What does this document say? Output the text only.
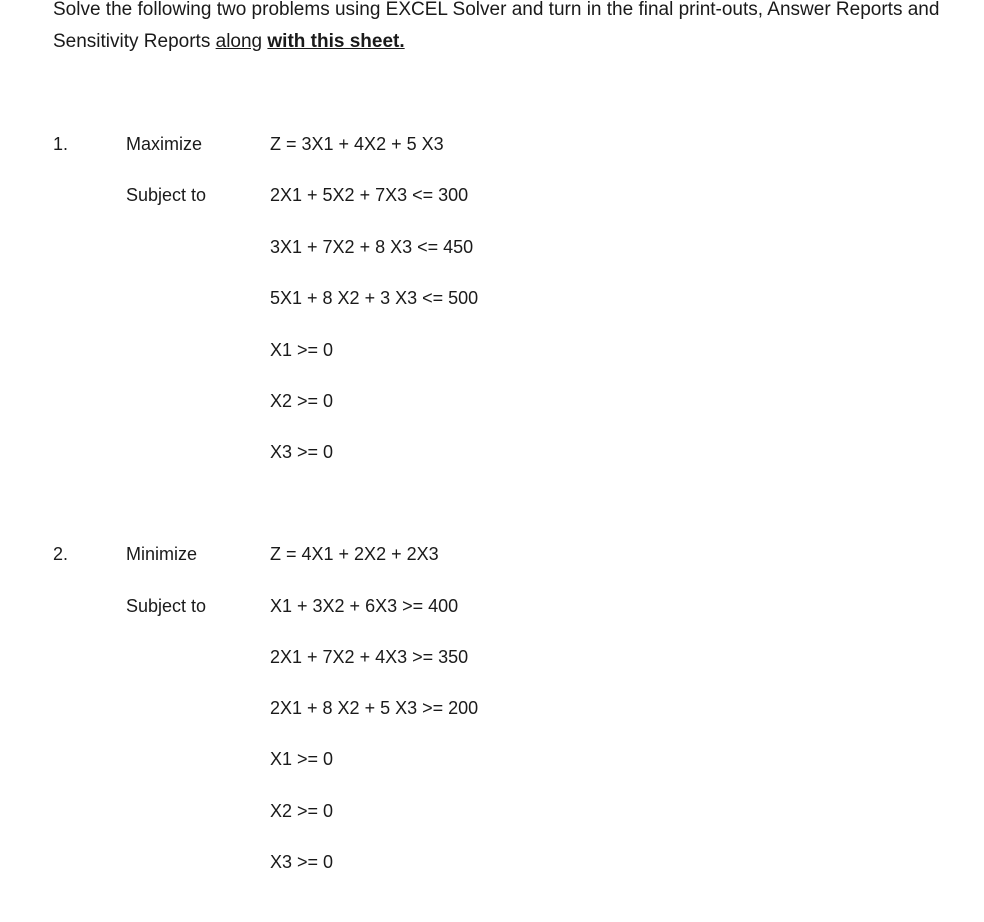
Solve the following two problems using EXCEL Solver and turn in the final print-outs, Answer Reports and Sensitivity Reports along with this sheet.

1.	Maximize	Z = 3X1 + 4X2 + 5 X3
Subject to	2X1 + 5X2 + 7X3 <= 300
3X1 + 7X2 + 8 X3 <= 450
5X1 + 8 X2 + 3 X3 <= 500
X1 >= 0
X2 >= 0
X3 >= 0
2.	Minimize	Z = 4X1 + 2X2 + 2X3
Subject to	X1 + 3X2 + 6X3 >= 400
2X1 + 7X2 + 4X3 >= 350
2X1 + 8 X2 + 5 X3 >= 200
X1 >= 0
X2 >= 0
X3 >= 0
